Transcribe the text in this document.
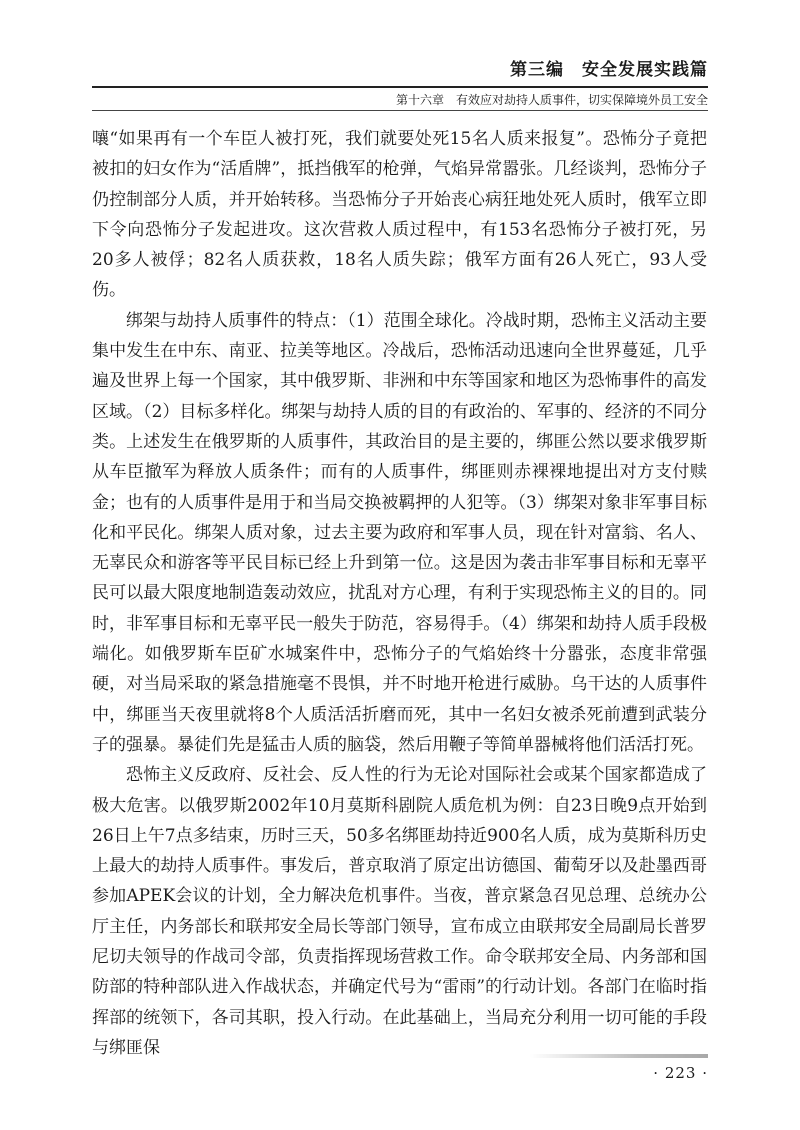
第三编　安全发展实践篇
第十六章　有效应对劫持人质事件，切实保障境外员工安全

嚷“如果再有一个车臣人被打死，我们就要处死15名人质来报复”。恐怖分子竟把被扣的妇女作为“活盾牌”，抵挡俄军的枪弹，气焰异常嚣张。几经谈判，恐怖分子仍控制部分人质，并开始转移。当恐怖分子开始丧心病狂地处死人质时，俄军立即下令向恐怖分子发起进攻。这次营救人质过程中，有153名恐怖分子被打死，另20多人被俘；82名人质获救，18名人质失踪；俄军方面有26人死亡，93人受伤。

绑架与劫持人质事件的特点：（1）范围全球化。冷战时期，恐怖主义活动主要集中发生在中东、南亚、拉美等地区。冷战后，恐怖活动迅速向全世界蔓延，几乎遍及世界上每一个国家，其中俄罗斯、非洲和中东等国家和地区为恐怖事件的高发区域。（2）目标多样化。绑架与劫持人质的目的有政治的、军事的、经济的不同分类。上述发生在俄罗斯的人质事件，其政治目的是主要的，绑匪公然以要求俄罗斯从车臣撤军为释放人质条件；而有的人质事件，绑匪则赤裸裸地提出对方支付赎金；也有的人质事件是用于和当局交换被羁押的人犯等。（3）绑架对象非军事目标化和平民化。绑架人质对象，过去主要为政府和军事人员，现在针对富翁、名人、无辜民众和游客等平民目标已经上升到第一位。这是因为袭击非军事目标和无辜平民可以最大限度地制造轰动效应，扰乱对方心理，有利于实现恐怖主义的目的。同时，非军事目标和无辜平民一般失于防范，容易得手。（4）绑架和劫持人质手段极端化。如俄罗斯车臣矿水城案件中，恐怖分子的气焰始终十分嚣张，态度非常强硬，对当局采取的紧急措施毫不畏惧，并不时地开枪进行威胁。乌干达的人质事件中，绑匪当天夜里就将8个人质活活折磨而死，其中一名妇女被杀死前遭到武装分子的强暴。暴徒们先是猛击人质的脑袋，然后用鞭子等简单器械将他们活活打死。

恐怖主义反政府、反社会、反人性的行为无论对国际社会或某个国家都造成了极大危害。以俄罗斯2002年10月莫斯科剧院人质危机为例：自23日晚9点开始到26日上午7点多结束，历时三天，50多名绑匪劫持近900名人质，成为莫斯科历史上最大的劫持人质事件。事发后，普京取消了原定出访德国、葡萄牙以及赴墨西哥参加APEK会议的计划，全力解决危机事件。当夜，普京紧急召见总理、总统办公厅主任，内务部长和联邦安全局长等部门领导，宣布成立由联邦安全局副局长普罗尼切夫领导的作战司令部，负责指挥现场营救工作。命令联邦安全局、内务部和国防部的特种部队进入作战状态，并确定代号为“雷雨”的行动计划。各部门在临时指挥部的统领下，各司其职，投入行动。在此基础上，当局充分利用一切可能的手段与绑匪保

· 223 ·
